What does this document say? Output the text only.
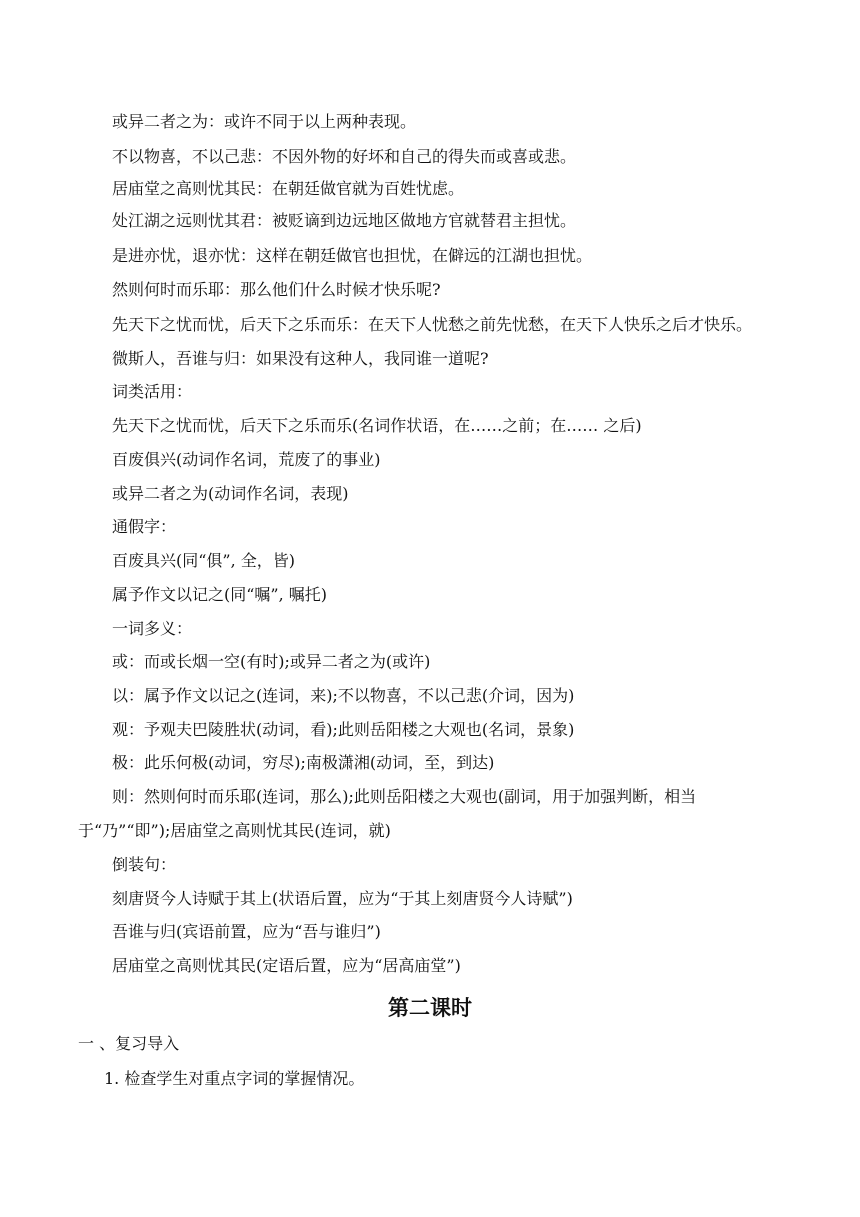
或异二者之为：或许不同于以上两种表现。
不以物喜，不以己悲：不因外物的好坏和自己的得失而或喜或悲。
居庙堂之高则忧其民：在朝廷做官就为百姓忧虑。
处江湖之远则忧其君：被贬谪到边远地区做地方官就替君主担忧。
是进亦忧，退亦忧：这样在朝廷做官也担忧，在僻远的江湖也担忧。
然则何时而乐耶：那么他们什么时候才快乐呢?
先天下之忧而忧，后天下之乐而乐：在天下人忧愁之前先忧愁，在天下人快乐之后才快乐。
微斯人，吾谁与归：如果没有这种人，我同谁一道呢?
词类活用：
先天下之忧而忧，后天下之乐而乐(名词作状语，在……之前；在…… 之后)
百废俱兴(动词作名词，荒废了的事业)
或异二者之为(动词作名词，表现)
通假字：
百废具兴(同“俱”, 全，皆)
属予作文以记之(同“嘱”, 嘱托)
一词多义：
或：而或长烟一空(有时);或异二者之为(或许)
以：属予作文以记之(连词，来);不以物喜，不以己悲(介词，因为)
观：予观夫巴陵胜状(动词，看);此则岳阳楼之大观也(名词，景象)
极：此乐何极(动词，穷尽);南极潇湘(动词，至，到达)
则：然则何时而乐耶(连词，那么);此则岳阳楼之大观也(副词，用于加强判断，相当
于“乃”“即”);居庙堂之高则忧其民(连词，就)
倒装句：
刻唐贤今人诗赋于其上(状语后置，应为“于其上刻唐贤今人诗赋”)
吾谁与归(宾语前置，应为“吾与谁归”)
居庙堂之高则忧其民(定语后置，应为“居高庙堂”)
第二课时
一 、复习导入
1. 检查学生对重点字词的掌握情况。
